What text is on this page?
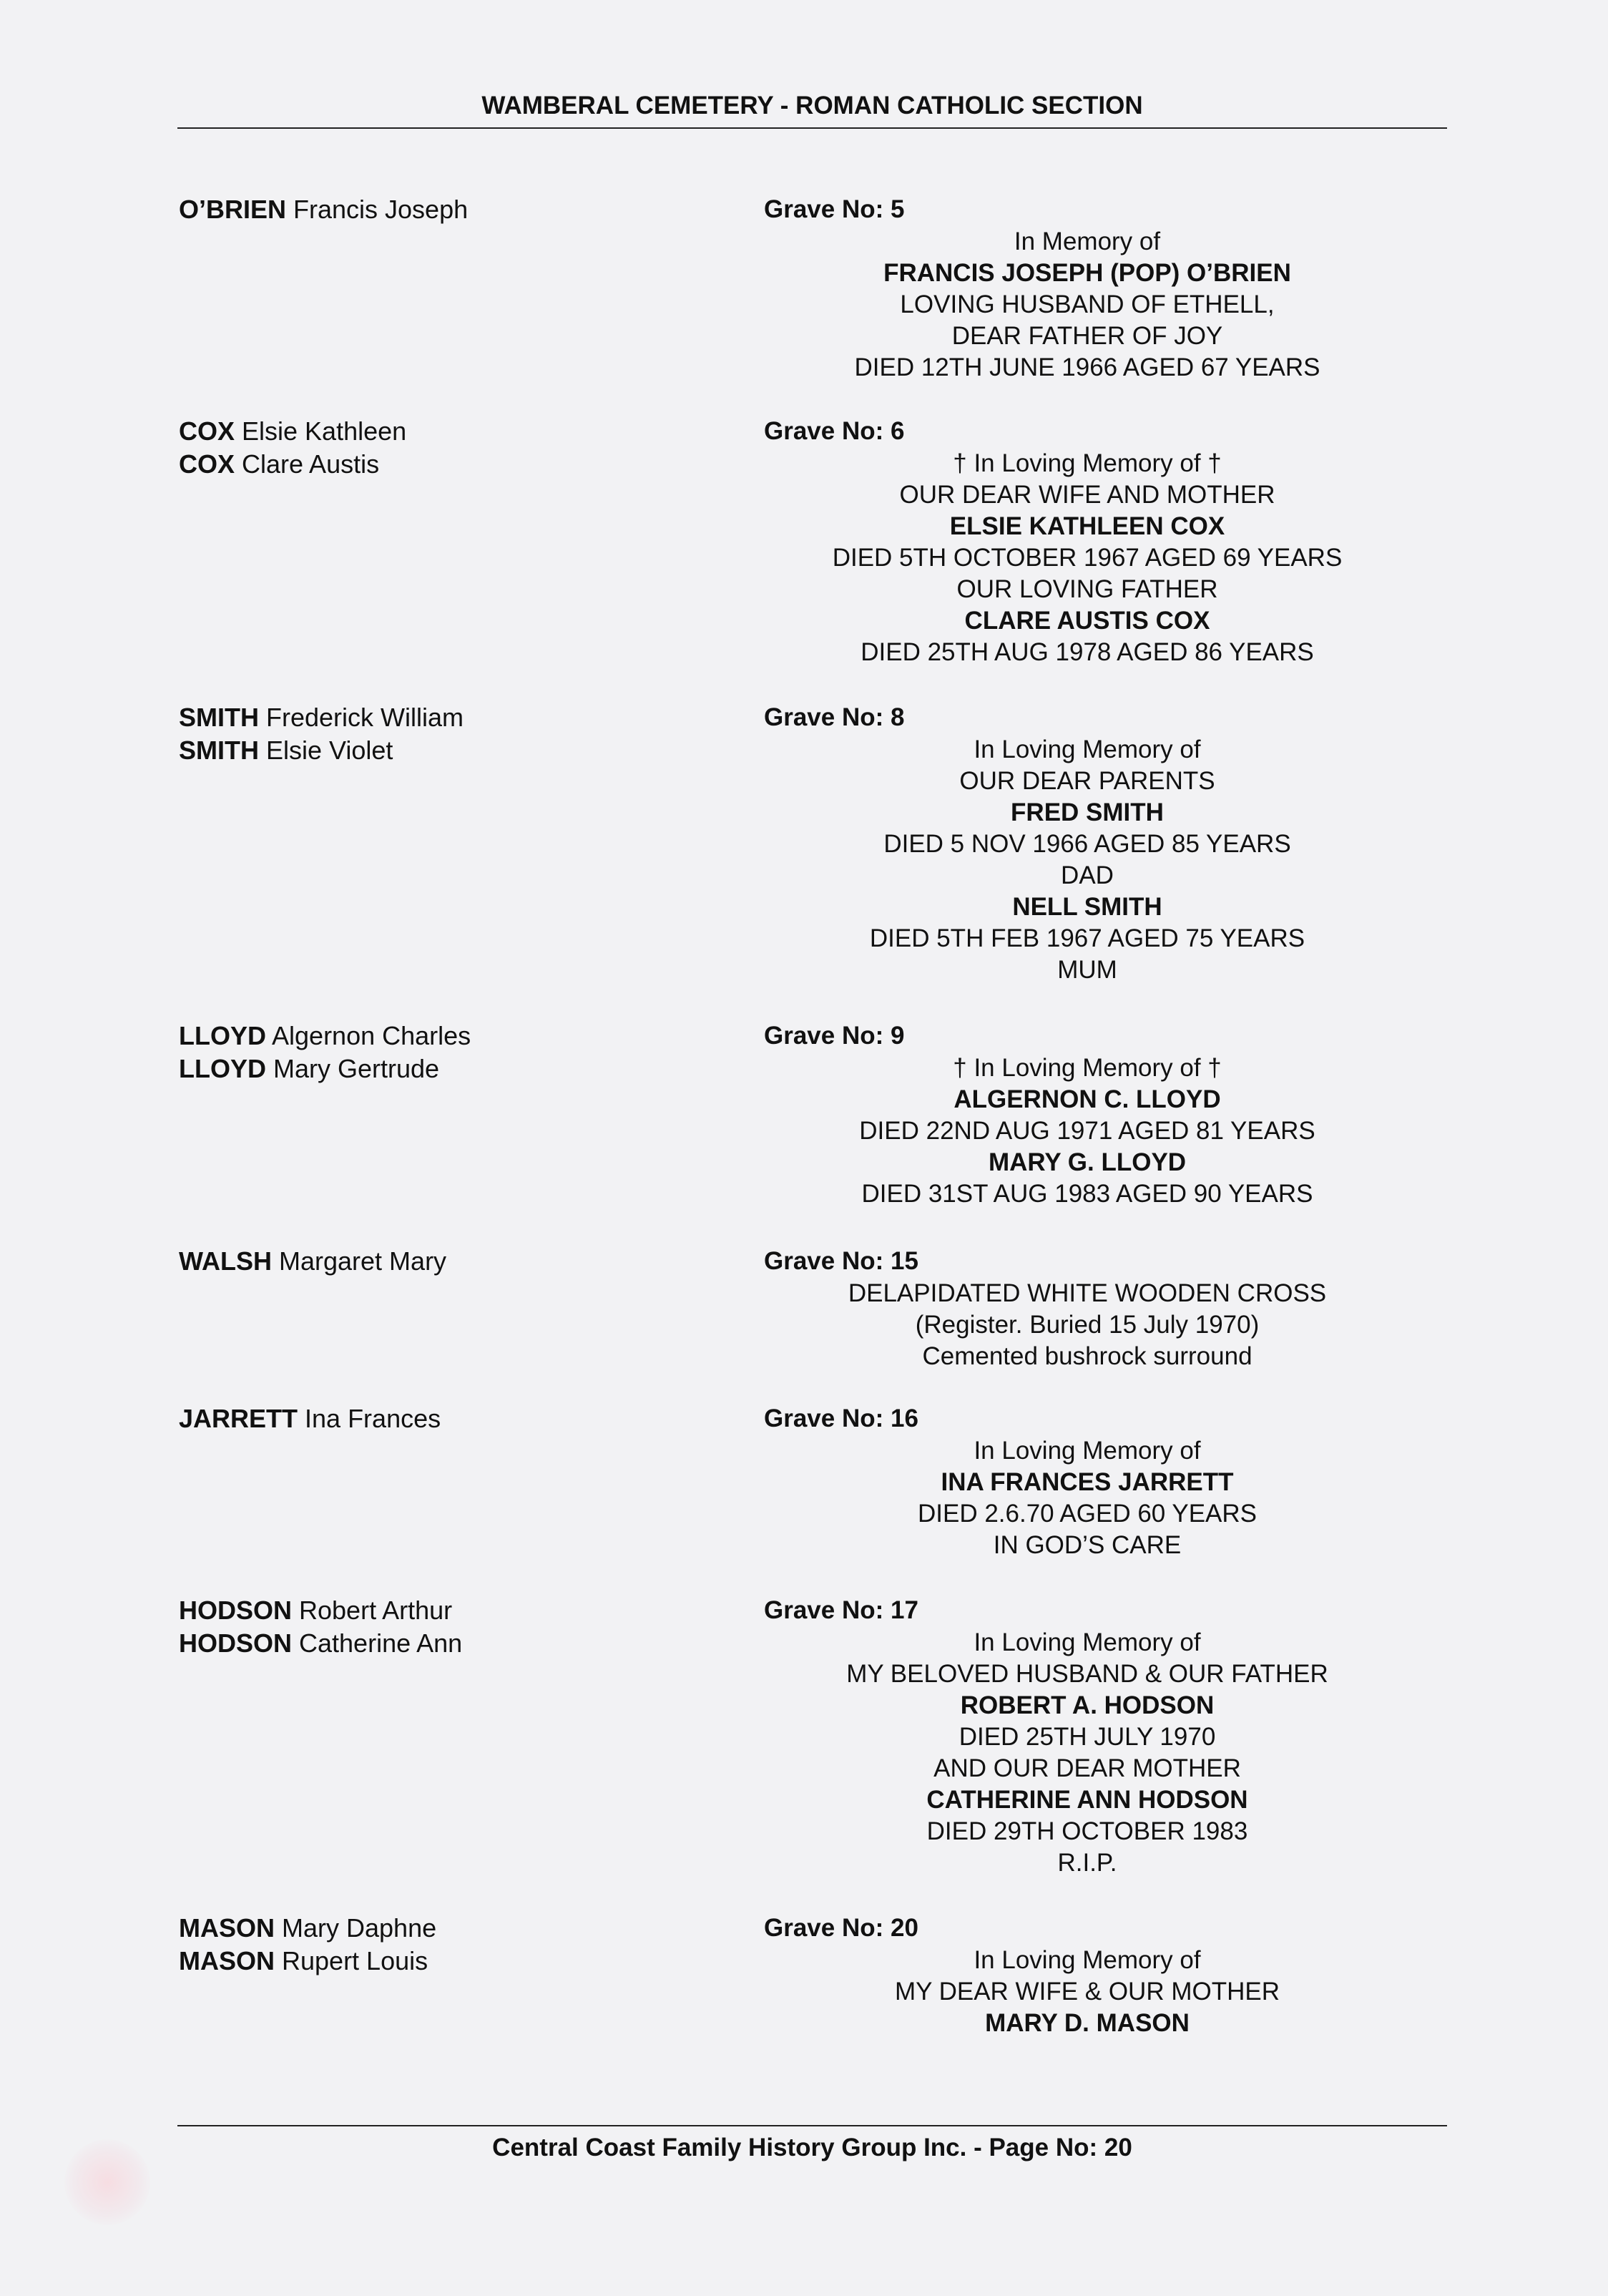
WAMBERAL CEMETERY - ROMAN CATHOLIC SECTION
O’BRIEN Francis Joseph	Grave No: 5
In Memory of
FRANCIS JOSEPH (POP) O’BRIEN
LOVING HUSBAND OF ETHELL,
DEAR FATHER OF JOY
DIED 12TH JUNE 1966 AGED 67 YEARS
COX Elsie Kathleen
COX Clare Austis
Grave No: 6
† In Loving Memory of †
OUR DEAR WIFE AND MOTHER
ELSIE KATHLEEN COX
DIED 5TH OCTOBER 1967 AGED 69 YEARS
OUR LOVING FATHER
CLARE AUSTIS COX
DIED 25TH AUG 1978 AGED 86 YEARS
SMITH Frederick William
SMITH Elsie Violet
Grave No: 8
In Loving Memory of
OUR DEAR PARENTS
FRED SMITH
DIED 5 NOV 1966 AGED 85 YEARS
DAD
NELL SMITH
DIED 5TH FEB 1967 AGED 75 YEARS
MUM
LLOYD Algernon Charles
LLOYD Mary Gertrude
Grave No: 9
† In Loving Memory of †
ALGERNON C. LLOYD
DIED 22ND AUG 1971 AGED 81 YEARS
MARY G. LLOYD
DIED 31ST AUG 1983 AGED 90 YEARS
WALSH Margaret Mary	Grave No: 15
DELAPIDATED WHITE WOODEN CROSS
(Register. Buried 15 July 1970)
Cemented bushrock surround
JARRETT Ina Frances	Grave No: 16
In Loving Memory of
INA FRANCES JARRETT
DIED 2.6.70 AGED 60 YEARS
IN GOD’S CARE
HODSON Robert Arthur
HODSON Catherine Ann
Grave No: 17
In Loving Memory of
MY BELOVED HUSBAND & OUR FATHER
ROBERT A. HODSON
DIED 25TH JULY 1970
AND OUR DEAR MOTHER
CATHERINE ANN HODSON
DIED 29TH OCTOBER 1983
R.I.P.
MASON Mary Daphne
MASON Rupert Louis
Grave No: 20
In Loving Memory of
MY DEAR WIFE & OUR MOTHER
MARY D. MASON
Central Coast Family History Group Inc. - Page No: 20
